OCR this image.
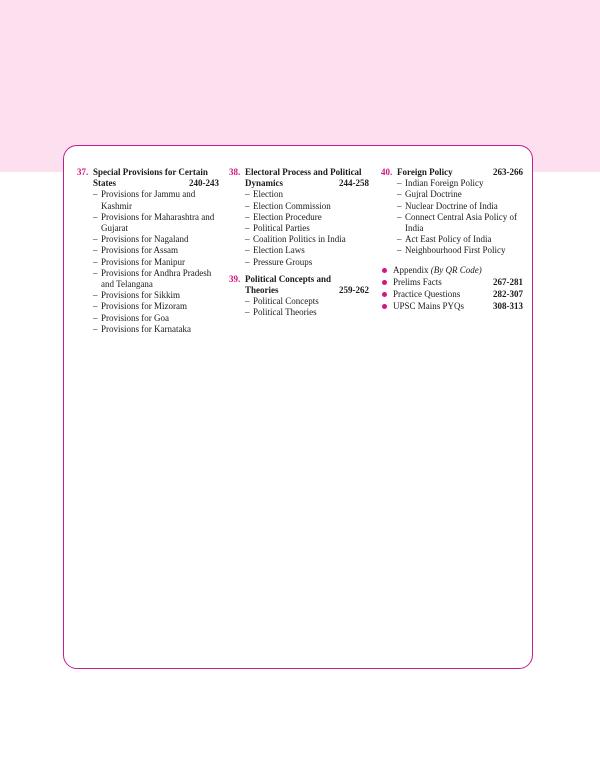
37. Special Provisions for Certain
States	240-243
– Provisions for Jammu and Kashmir
– Provisions for Maharashtra and Gujarat
– Provisions for Nagaland
– Provisions for Assam
– Provisions for Manipur
– Provisions for Andhra Pradesh and Telangana
– Provisions for Sikkim
– Provisions for Mizoram
– Provisions for Goa
– Provisions for Karnataka
38. Electoral Process and Political
Dynamics	244-258
– Election
– Election Commission
– Election Procedure
– Political Parties
– Coalition Politics in India
– Election Laws
– Pressure Groups
39. Political Concepts and
Theories	259-262
– Political Concepts
– Political Theories
40. Foreign Policy	263-266
– Indian Foreign Policy
– Gujral Doctrine
– Nuclear Doctrine of India
– Connect Central Asia Policy of India
– Act East Policy of India
– Neighbourhood First Policy
Appendix (By QR Code)
Prelims Facts	267-281
Practice Questions	282-307
UPSC Mains PYQs	308-313
